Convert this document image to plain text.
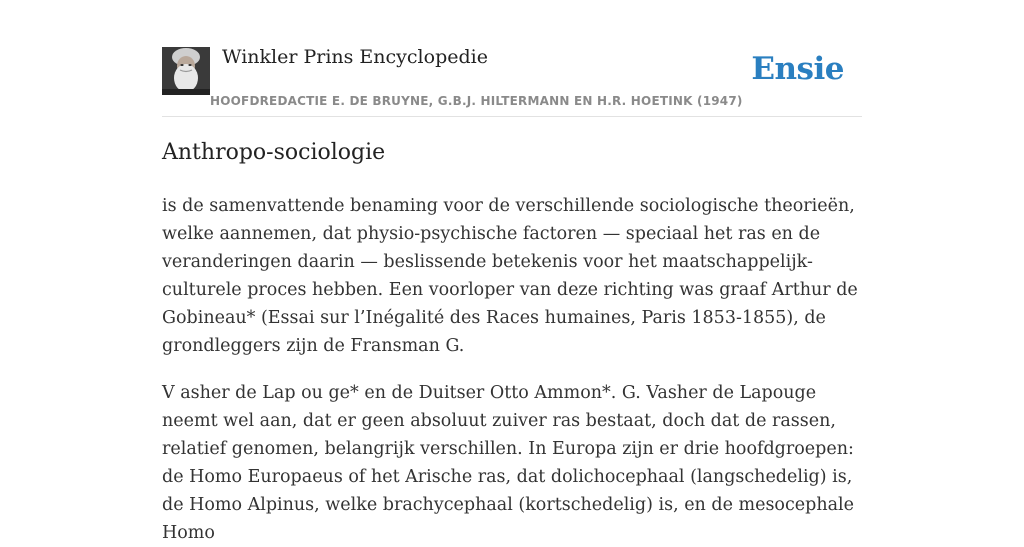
Winkler Prins Encyclopedie
HOOFDREDACTIE E. DE BRUYNE, G.B.J. HILTERMANN EN H.R. HOETINK (1947)
Ensie
Anthropo-sociologie

is de samenvattende benaming voor de verschillende sociologische theorieën, welke aannemen, dat physio-psychische factoren — speciaal het ras en de veranderingen daarin — beslissende betekenis voor het maatschappelijk-culturele proces hebben. Een voorloper van deze richting was graaf Arthur de Gobineau* (Essai sur l’Inégalité des Races humaines, Paris 1853-1855), de grondleggers zijn de Fransman G.

V asher de Lap ou ge* en de Duitser Otto Ammon*. G. Vasher de Lapouge neemt wel aan, dat er geen absoluut zuiver ras bestaat, doch dat de rassen, relatief genomen, belangrijk verschillen. In Europa zijn er drie hoofdgroepen: de Homo Europaeus of het Arische ras, dat dolichocephaal (langschedelig) is, de Homo Alpinus, welke brachycephaal (kortschedelig) is, en de mesocephale Homo
